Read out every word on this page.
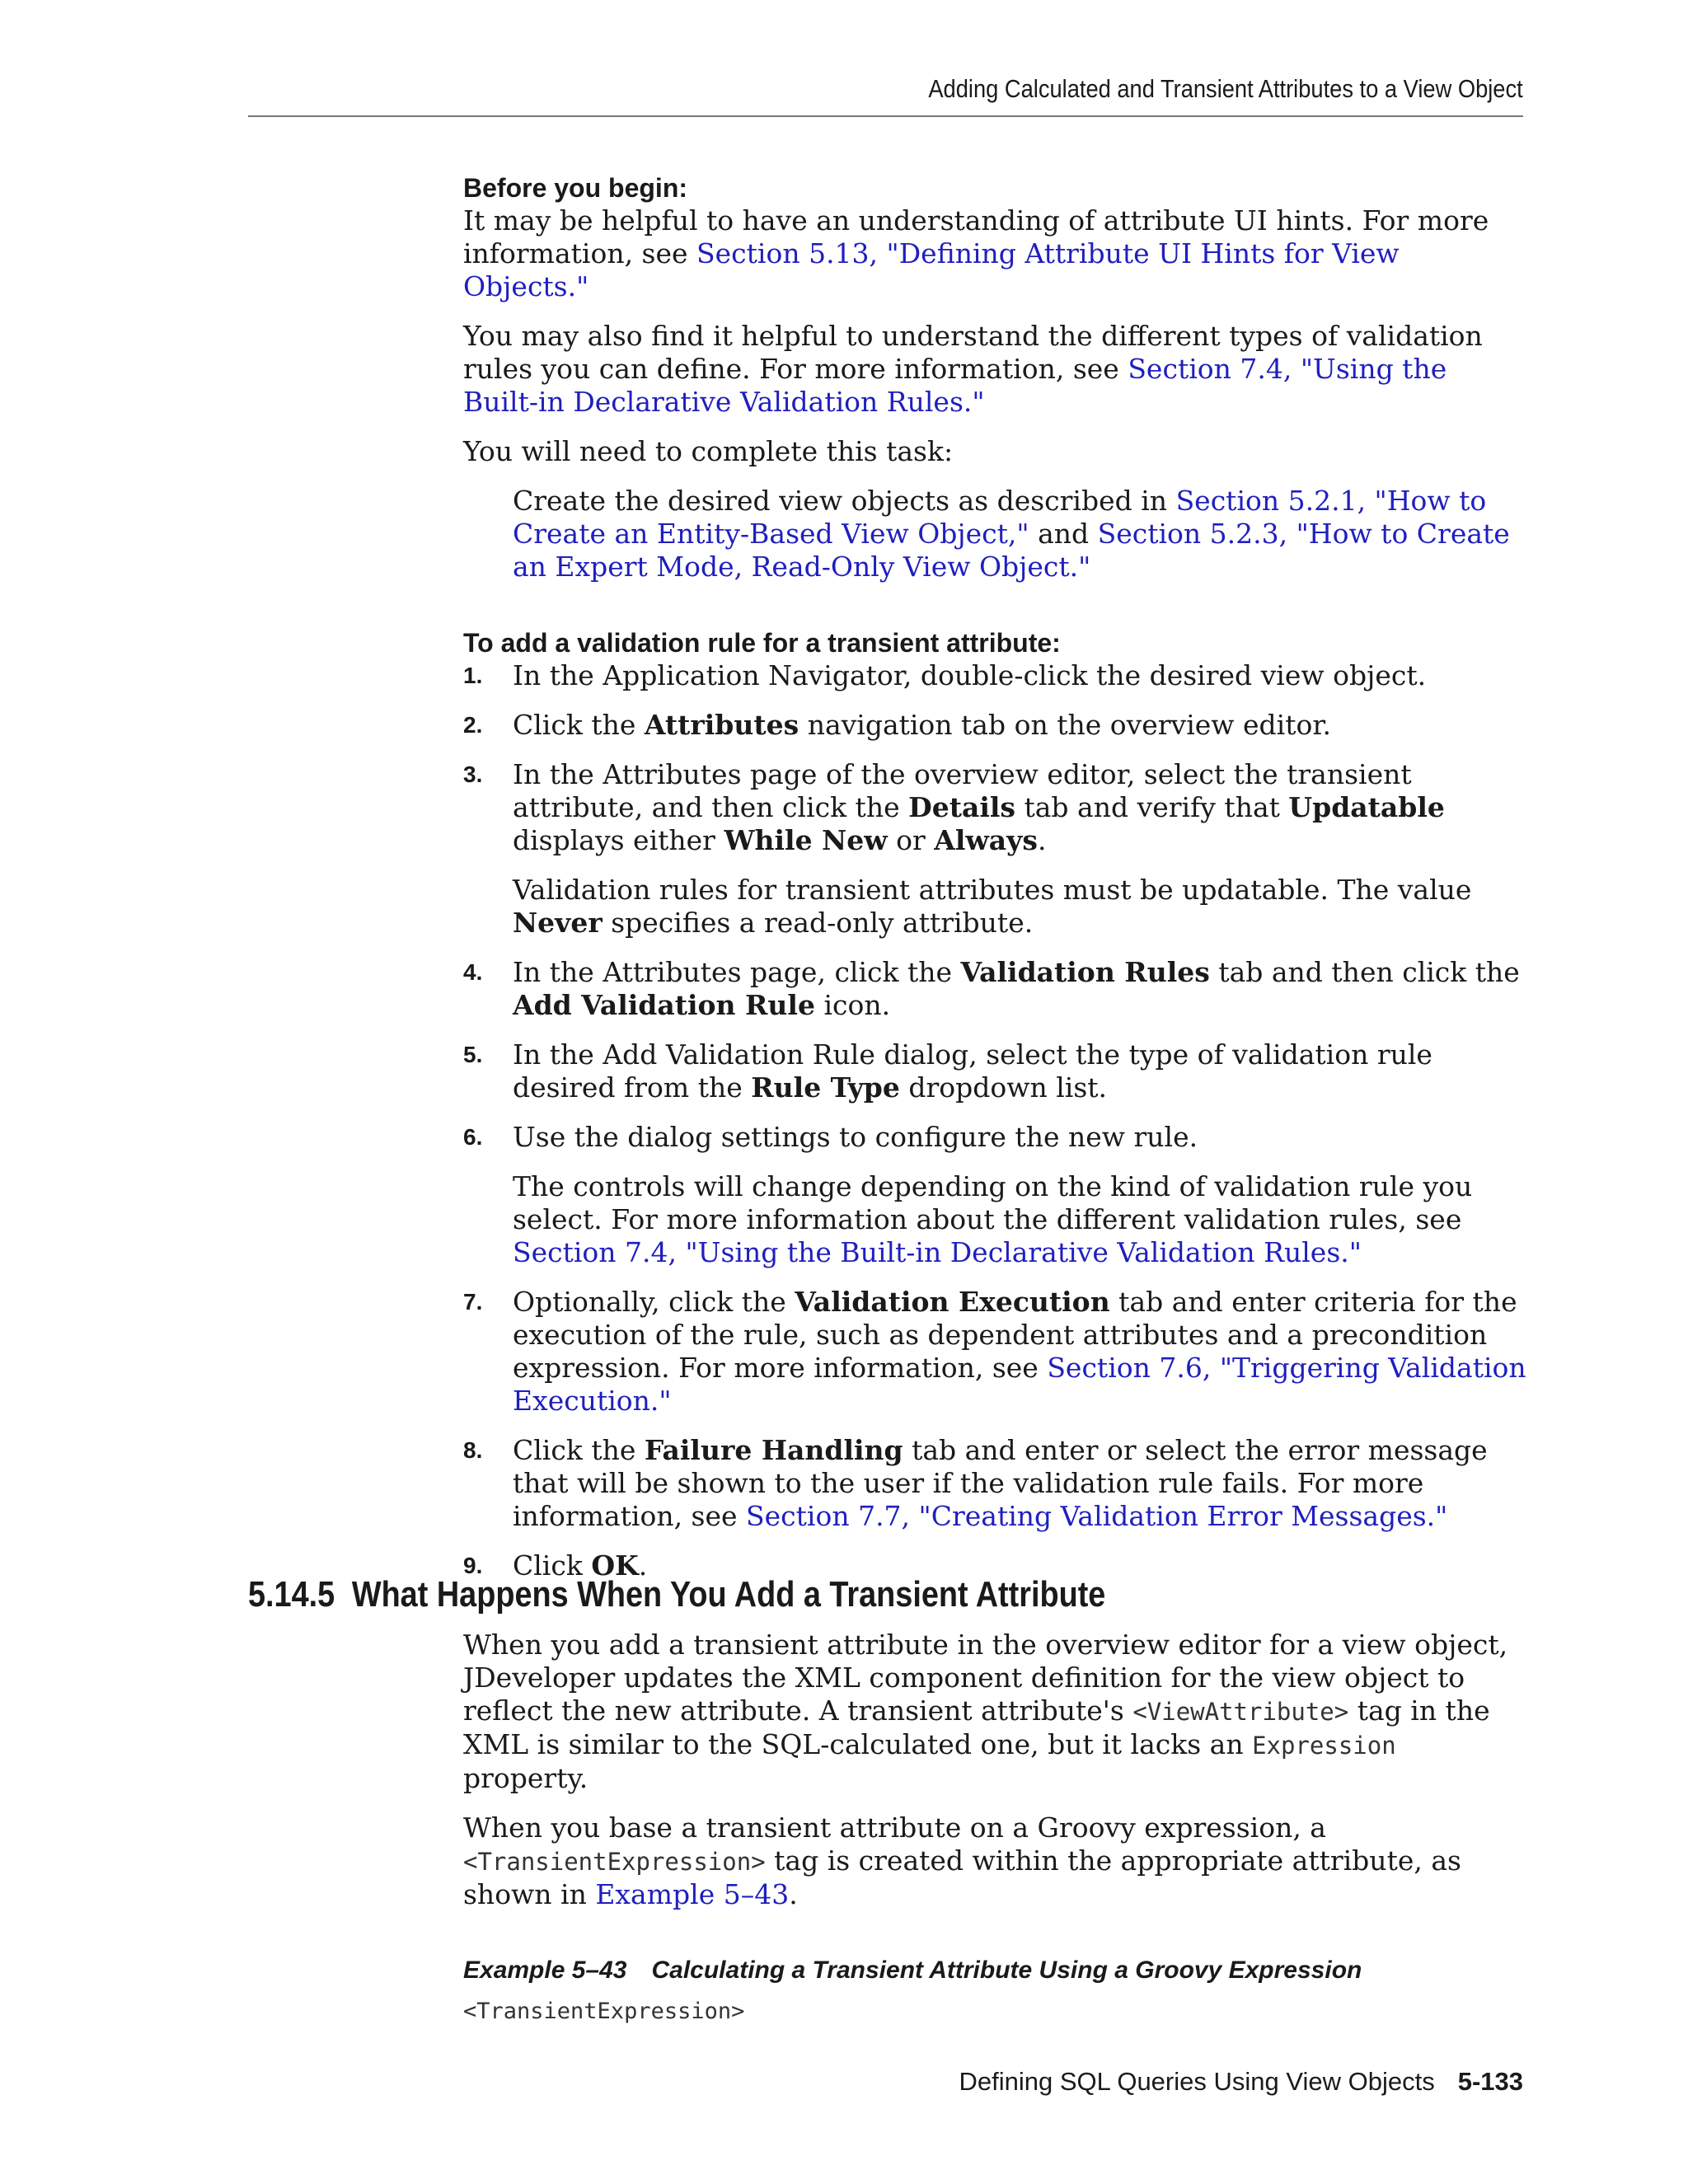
Adding Calculated and Transient Attributes to a View Object
Before you begin:

It may be helpful to have an understanding of attribute UI hints. For more information, see Section 5.13, "Defining Attribute UI Hints for View Objects."

You may also find it helpful to understand the different types of validation rules you can define. For more information, see Section 7.4, "Using the Built-in Declarative Validation Rules."

You will need to complete this task:

Create the desired view objects as described in Section 5.2.1, "How to Create an Entity-Based View Object," and Section 5.2.3, "How to Create an Expert Mode, Read-Only View Object."

To add a validation rule for a transient attribute:
1. In the Application Navigator, double-click the desired view object.

2. Click the Attributes navigation tab on the overview editor.

3. In the Attributes page of the overview editor, select the transient attribute, and then click the Details tab and verify that Updatable displays either While New or Always.

Validation rules for transient attributes must be updatable. The value Never specifies a read-only attribute.

4. In the Attributes page, click the Validation Rules tab and then click the Add Validation Rule icon.

5. In the Add Validation Rule dialog, select the type of validation rule desired from the Rule Type dropdown list.

6. Use the dialog settings to configure the new rule.

The controls will change depending on the kind of validation rule you select. For more information about the different validation rules, see Section 7.4, "Using the Built-in Declarative Validation Rules."

7. Optionally, click the Validation Execution tab and enter criteria for the execution of the rule, such as dependent attributes and a precondition expression. For more information, see Section 7.6, "Triggering Validation Execution."

8. Click the Failure Handling tab and enter or select the error message that will be shown to the user if the validation rule fails. For more information, see Section 7.7, "Creating Validation Error Messages."

9. Click OK.

5.14.5 What Happens When You Add a Transient Attribute

When you add a transient attribute in the overview editor for a view object, JDeveloper updates the XML component definition for the view object to reflect the new attribute. A transient attribute's <ViewAttribute> tag in the XML is similar to the SQL-calculated one, but it lacks an Expression property.

When you base a transient attribute on a Groovy expression, a <TransientExpression> tag is created within the appropriate attribute, as shown in Example 5–43.

Example 5–43 Calculating a Transient Attribute Using a Groovy Expression

<TransientExpression>
Defining SQL Queries Using View Objects 5-133
